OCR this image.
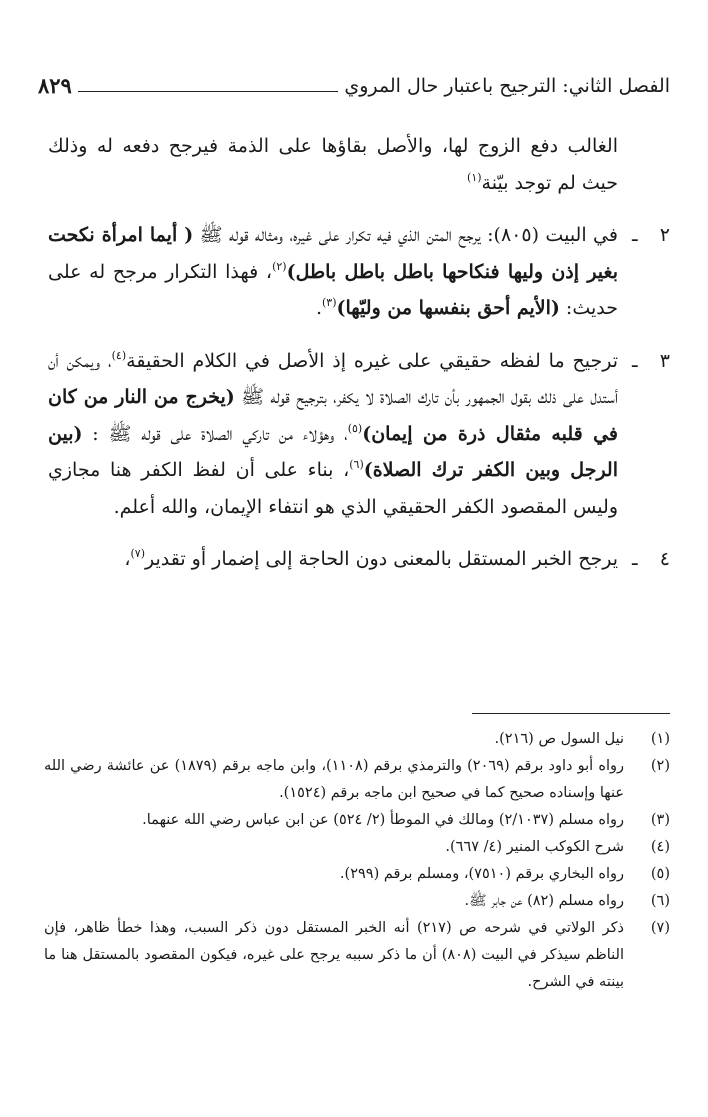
الفصل الثاني: الترجيح باعتبار حال المروي
٨٢٩

الغالب دفع الزوج لها، والأصل بقاؤها على الذمة فيرجح دفعه له وذلك حيث لم توجد بيّنة$^{(١)}$

٢
ـ

في البيت (٨٠٥): يرجح المتن الذي فيه تكرار على غيره، ومثاله قوله ﷺ ( أيما امرأة نكحت بغير إذن وليها فنكاحها باطل باطل باطل)$^{(٢)}$، فهذا التكرار مرجح له على حديث: (الأيم أحق بنفسها من وليّها)$^{(٣)}$.

٣
ـ

ترجيح ما لفظه حقيقي على غيره إذ الأصل في الكلام الحقيقة$^{(٤)}$، ويمكن أن أستدل على ذلك بقول الجمهور بأن تارك الصلاة لا يكفر، بترجيح قوله ﷺ (يخرج من النار من كان في قلبه مثقال ذرة من إيمان)$^{(٥)}$، وهؤلاء من تاركي الصلاة على قوله ﷺ : (بين الرجل وبين الكفر ترك الصلاة)$^{(٦)}$، بناء على أن لفظ الكفر هنا مجازي وليس المقصود الكفر الحقيقي الذي هو انتفاء الإيمان، والله أعلم.

٤
ـ

يرجح الخبر المستقل بالمعنى دون الحاجة إلى إضمار أو تقدير$^{(٧)}$،

(١)
نيل السول ص (٢١٦).
(٢)
رواه أبو داود برقم (٢٠٦٩) والترمذي برقم (١١٠٨)، وابن ماجه برقم (١٨٧٩) عن عائشة رضي الله عنها وإسناده صحيح كما في صحيح ابن ماجه برقم (١٥٢٤).
(٣)
رواه مسلم (٢/١٠٣٧) ومالك في الموطأ (٢/ ٥٢٤) عن ابن عباس رضي الله عنهما.
(٤)
شرح الكوكب المنير (٤/ ٦٦٧).
(٥)
رواه البخاري برقم (٧٥١٠)، ومسلم برقم (٢٩٩).
(٦)
رواه مسلم (٨٢) عن جابر ﷺ.
(٧)
ذكر الولاتي في شرحه ص (٢١٧) أنه الخبر المستقل دون ذكر السبب، وهذا خطأ ظاهر، فإن الناظم سيذكر في البيت (٨٠٨) أن ما ذكر سببه يرجح على غيره، فيكون المقصود بالمستقل هنا ما بينته في الشرح.
